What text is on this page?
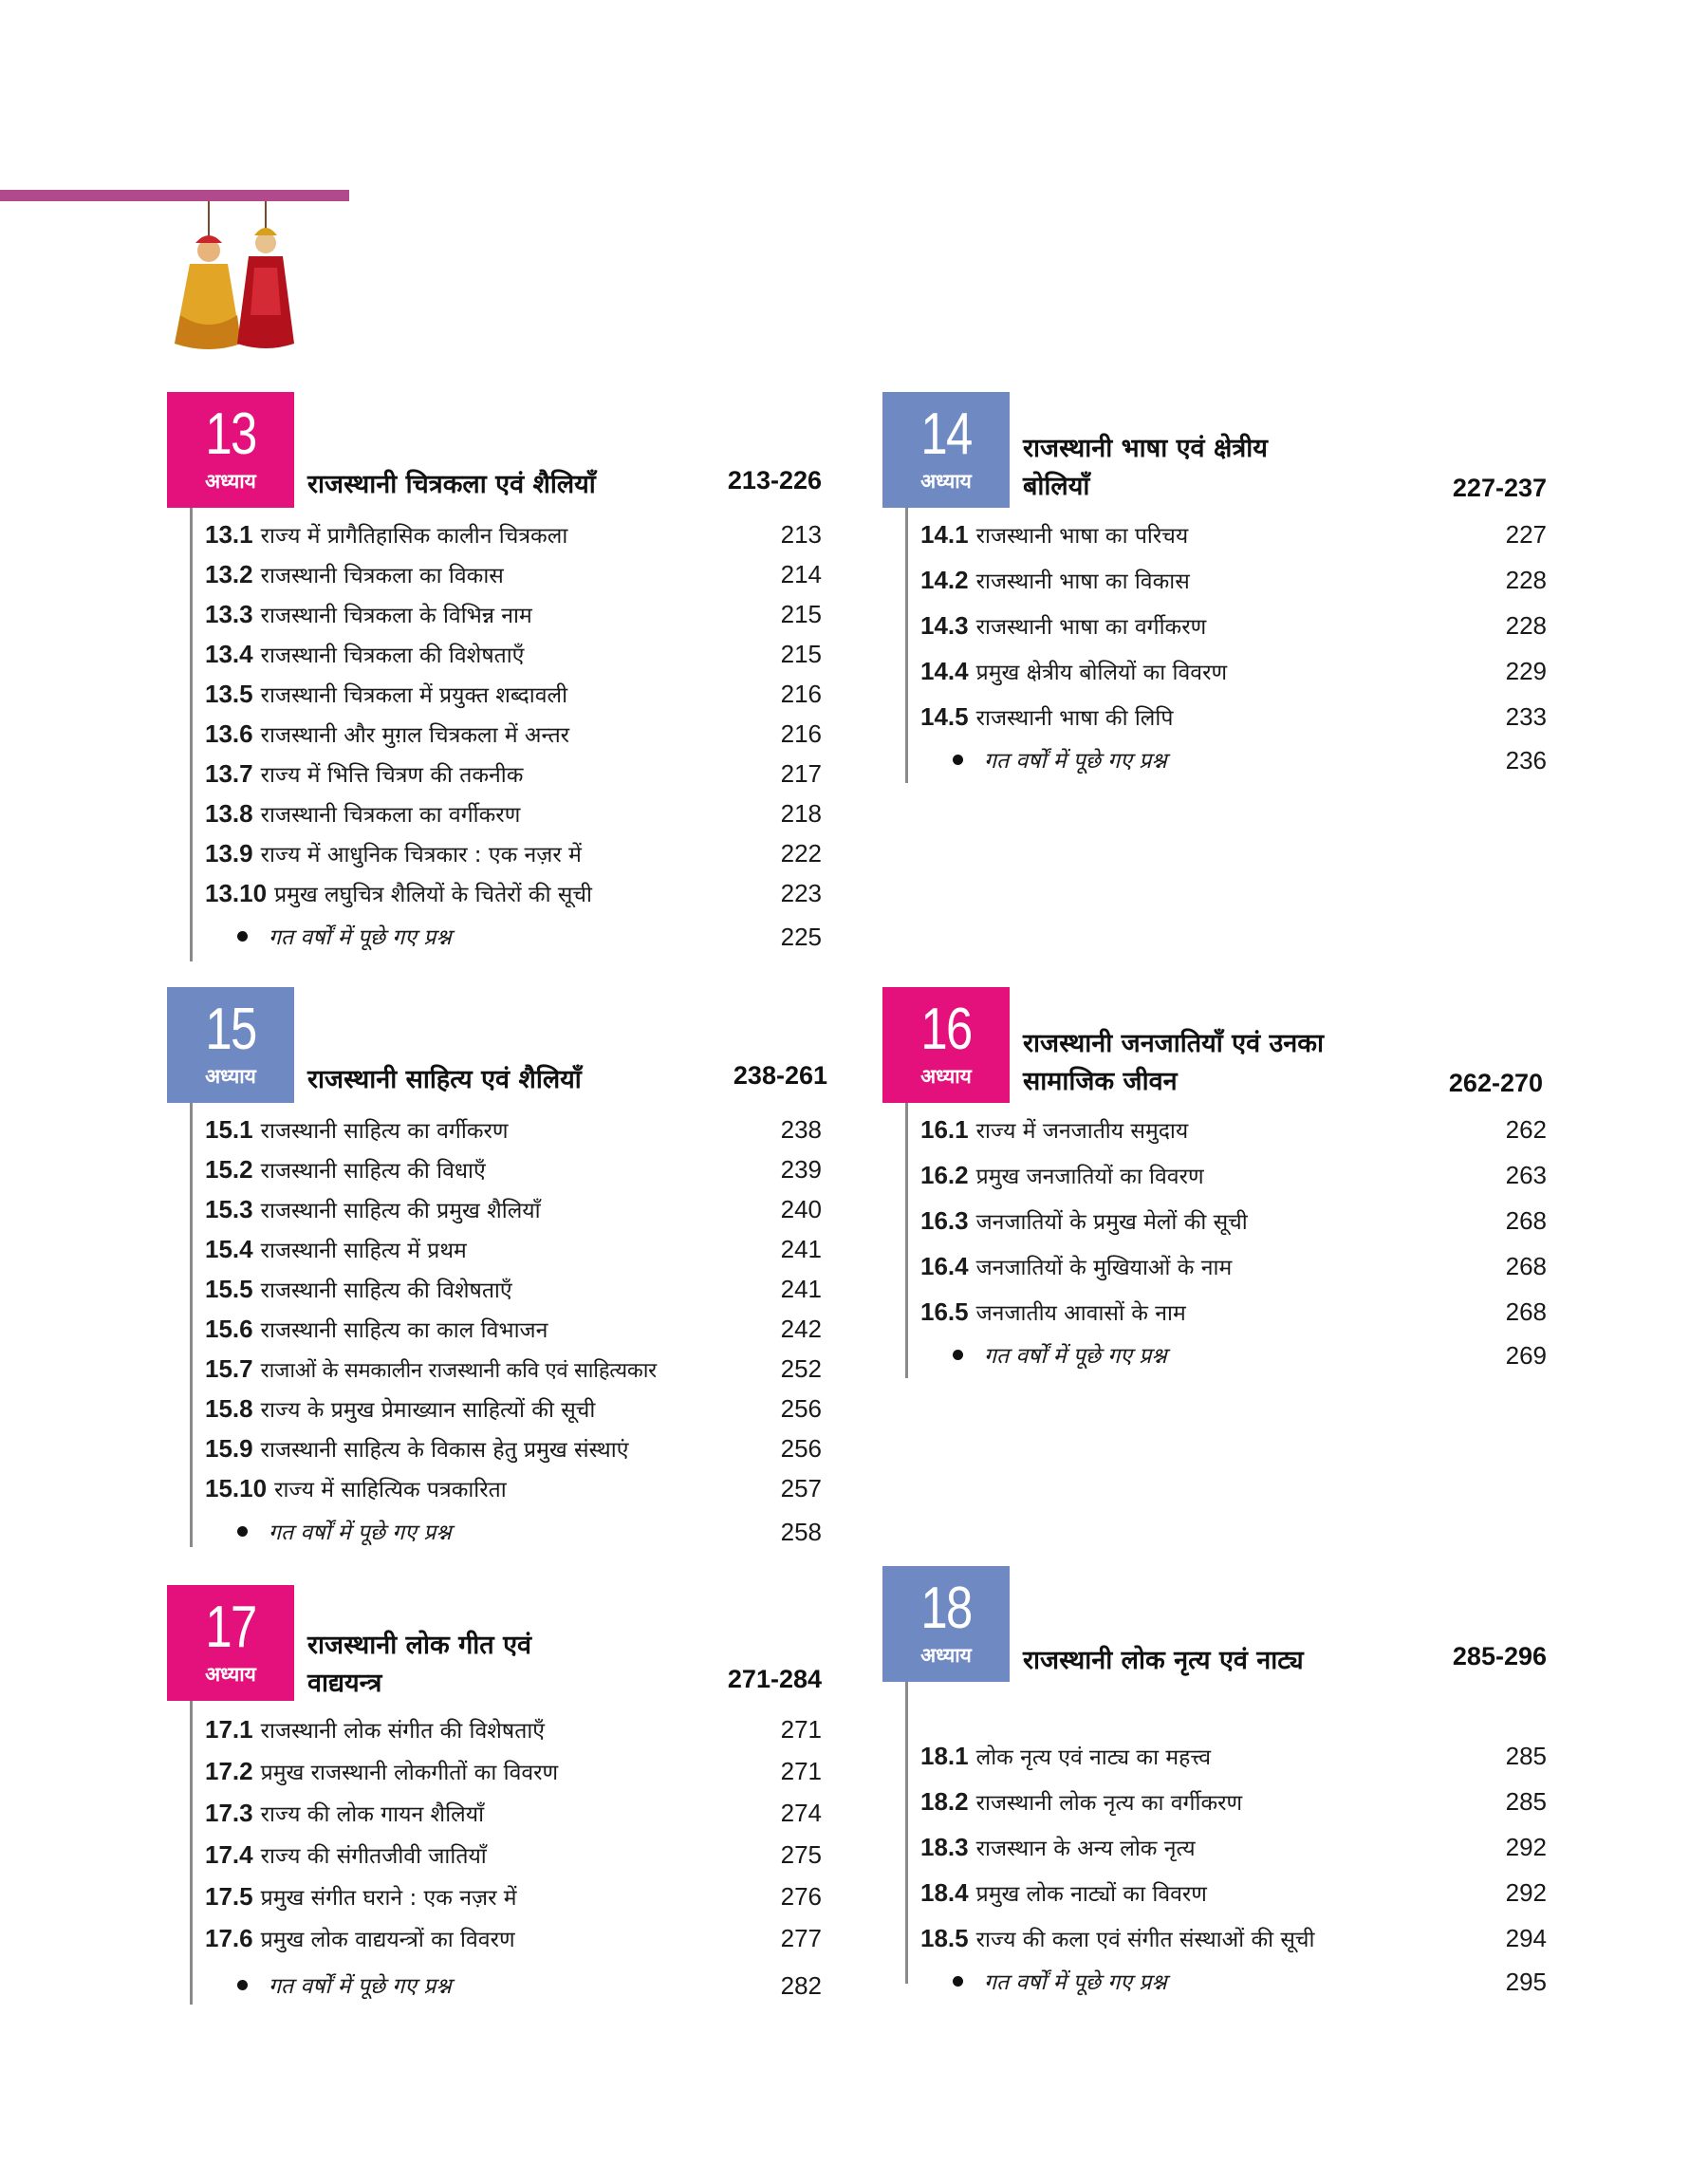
13
अध्याय	राजस्थानी चित्रकला एवं शैलियाँ	213-226
13.1 राज्य में प्रागैतिहासिक कालीन चित्रकला	213
13.2 राजस्थानी चित्रकला का विकास	214
13.3 राजस्थानी चित्रकला के विभिन्न नाम	215
13.4 राजस्थानी चित्रकला की विशेषताएँ	215
13.5 राजस्थानी चित्रकला में प्रयुक्त शब्दावली	216
13.6 राजस्थानी और मुग़ल चित्रकला में अन्तर	216
13.7 राज्य में भित्ति चित्रण की तकनीक	217
13.8 राजस्थानी चित्रकला का वर्गीकरण	218
13.9 राज्य में आधुनिक चित्रकार : एक नज़र में	222
13.10 प्रमुख लघुचित्र शैलियों के चितेरों की सूची	223
गत वर्षों में पूछे गए प्रश्न	225
14
अध्याय
राजस्थानी भाषा एवं क्षेत्रीय
बोलियाँ	227-237
14.1 राजस्थानी भाषा का परिचय	227
14.2 राजस्थानी भाषा का विकास	228
14.3 राजस्थानी भाषा का वर्गीकरण	228
14.4 प्रमुख क्षेत्रीय बोलियों का विवरण	229
14.5 राजस्थानी भाषा की लिपि	233
गत वर्षों में पूछे गए प्रश्न	236
15
अध्याय	राजस्थानी साहित्य एवं शैलियाँ	238-261
15.1 राजस्थानी साहित्य का वर्गीकरण	238
15.2 राजस्थानी साहित्य की विधाएँ	239
15.3 राजस्थानी साहित्य की प्रमुख शैलियाँ	240
15.4 राजस्थानी साहित्य में प्रथम	241
15.5 राजस्थानी साहित्य की विशेषताएँ	241
15.6 राजस्थानी साहित्य का काल विभाजन	242
15.7 राजाओं के समकालीन राजस्थानी कवि एवं साहित्यकार	252
15.8 राज्य के प्रमुख प्रेमाख्यान साहित्यों की सूची	256
15.9 राजस्थानी साहित्य के विकास हेतु प्रमुख संस्थाएं	256
15.10 राज्य में साहित्यिक पत्रकारिता	257
गत वर्षों में पूछे गए प्रश्न	258
16
अध्याय
राजस्थानी जनजातियाँ एवं उनका
सामाजिक जीवन	262-270
16.1 राज्य में जनजातीय समुदाय	262
16.2 प्रमुख जनजातियों का विवरण	263
16.3 जनजातियों के प्रमुख मेलों की सूची	268
16.4 जनजातियों के मुखियाओं के नाम	268
16.5 जनजातीय आवासों के नाम	268
गत वर्षों में पूछे गए प्रश्न	269
17
अध्याय
राजस्थानी लोक गीत एवं
वाद्ययन्त्र	271-284
17.1 राजस्थानी लोक संगीत की विशेषताएँ	271
17.2 प्रमुख राजस्थानी लोकगीतों का विवरण	271
17.3 राज्य की लोक गायन शैलियाँ	274
17.4 राज्य की संगीतजीवी जातियाँ	275
17.5 प्रमुख संगीत घराने : एक नज़र में	276
17.6 प्रमुख लोक वाद्ययन्त्रों का विवरण	277
गत वर्षों में पूछे गए प्रश्न	282
18
अध्याय	राजस्थानी लोक नृत्य एवं नाट्य	285-296
18.1 लोक नृत्य एवं नाट्य का महत्त्व	285
18.2 राजस्थानी लोक नृत्य का वर्गीकरण	285
18.3 राजस्थान के अन्य लोक नृत्य	292
18.4 प्रमुख लोक नाट्यों का विवरण	292
18.5 राज्य की कला एवं संगीत संस्थाओं की सूची	294
गत वर्षों में पूछे गए प्रश्न	295
